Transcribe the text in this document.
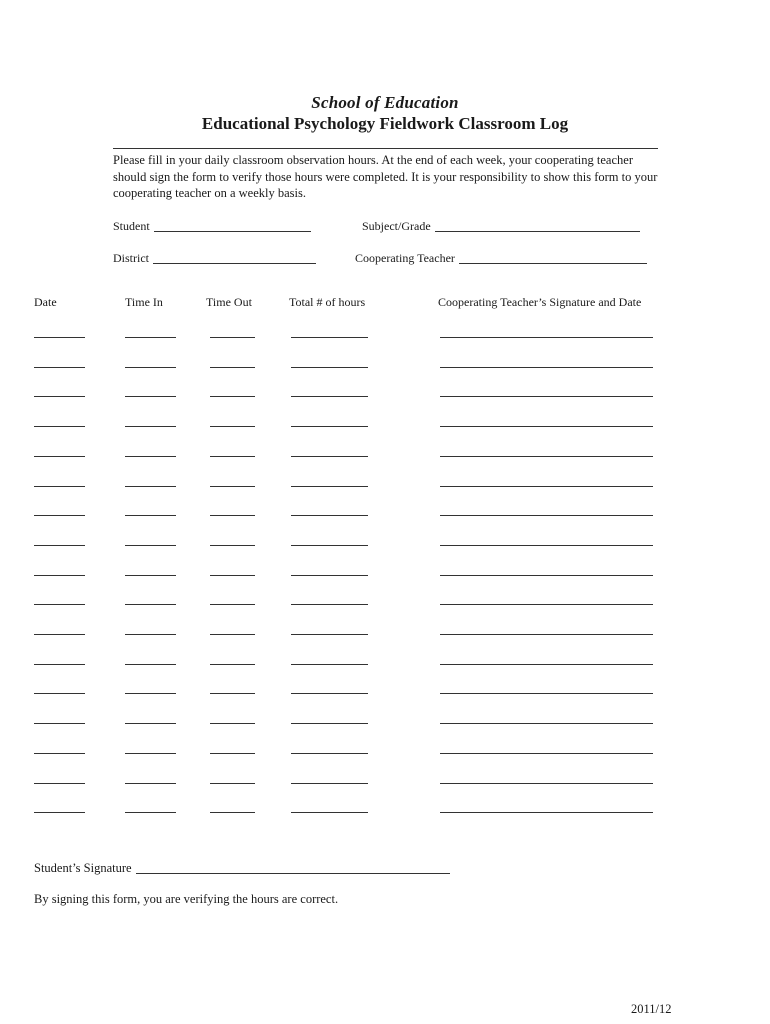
School of Education
Educational Psychology Fieldwork Classroom Log
Please fill in your daily classroom observation hours. At the end of each week, your cooperating teacher should sign the form to verify those hours were completed. It is your responsibility to show this form to your cooperating teacher on a weekly basis.
Student	Subject/Grade
District	Cooperating Teacher
Date	Time In	Time Out	Total # of hours	Cooperating Teacher’s Signature and Date
Student’s Signature
By signing this form, you are verifying the hours are correct.
2011/12
